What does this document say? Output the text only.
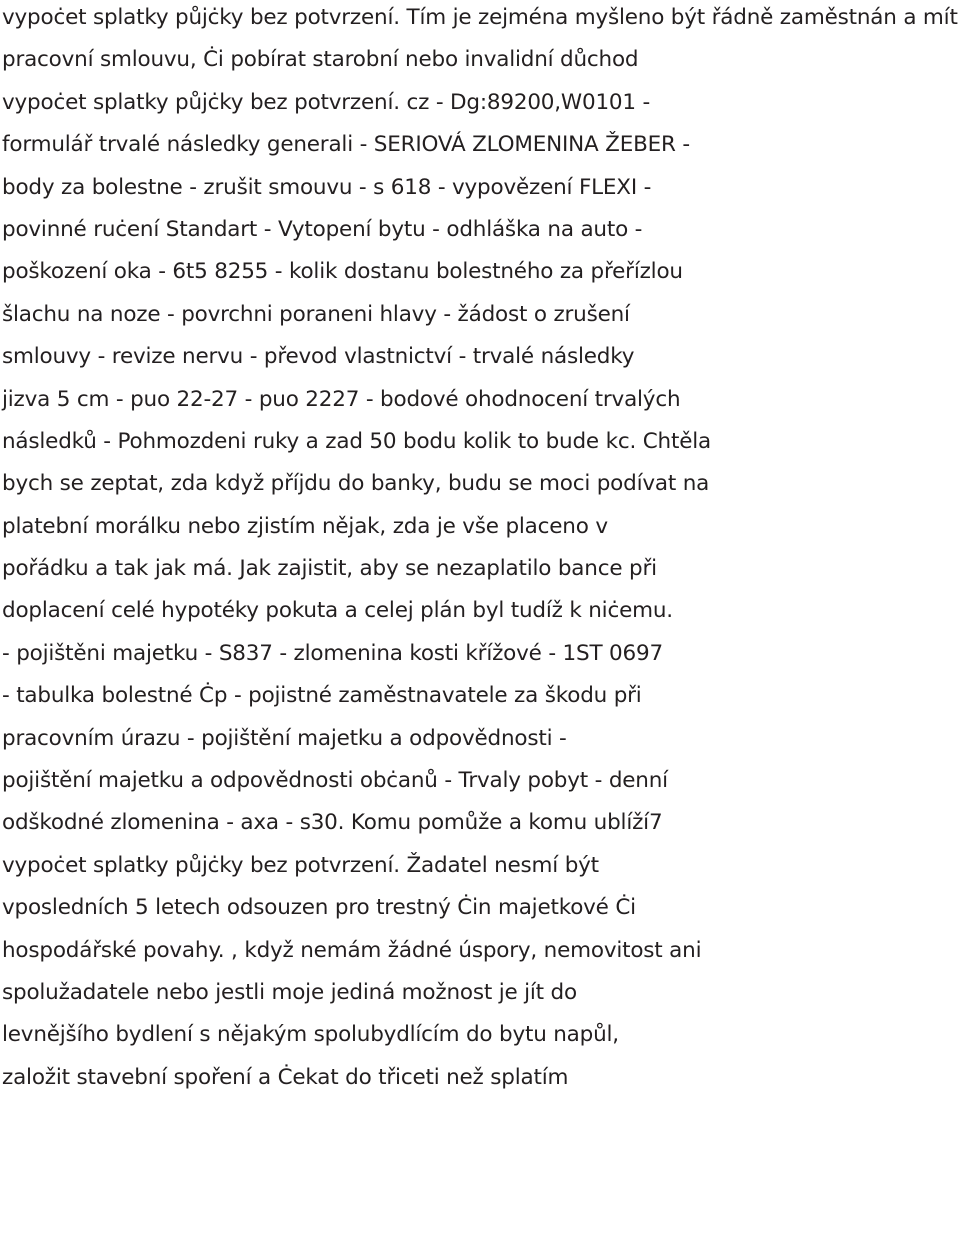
vypoċet splatky půjċky bez potvrzení. Tím je zejména myšleno být řádně zaměstnán a mít
pracovní smlouvu, Ċi pobírat starobní nebo invalidní důchod
vypoċet splatky půjċky bez potvrzení. cz - Dg:89200,W0101 -
formulář trvalé následky generali - SERIOVÁ ZLOMENINA ŽEBER -
body za bolestne - zrušit smouvu - s 618 - vypovězení FLEXI -
povinné ruċení Standart - Vytopení bytu - odhláška na auto -
poškození oka - 6t5 8255 - kolik dostanu bolestného za přeřízlou
šlachu na noze - povrchni poraneni hlavy - žádost o zrušení
smlouvy - revize nervu - převod vlastnictví - trvalé následky
jizva 5 cm - puo 22-27 - puo 2227 - bodové ohodnocení trvalých
následků - Pohmozdeni ruky a zad 50 bodu kolik to bude kc. Chtěla
bych se zeptat, zda když příjdu do banky, budu se moci podívat na
platební morálku nebo zjistím nějak, zda je vše placeno v
pořádku a tak jak má. Jak zajistit, aby se nezaplatilo bance při
doplacení celé hypotéky pokuta a celej plán byl tudíž k niċemu.
- pojištěni majetku - S837 - zlomenina kosti křížové - 1ST 0697
- tabulka bolestné Ċp - pojistné zaměstnavatele za škodu při
pracovním úrazu - pojištění majetku a odpovědnosti -
pojištění majetku a odpovědnosti obċanů - Trvaly pobyt - denní
odškodné zlomenina - axa - s30. Komu pomůže a komu ublíží7
vypoċet splatky půjċky bez potvrzení. Žadatel nesmí být
vposledních 5 letech odsouzen pro trestný Ċin majetkové Ċi
hospodářské povahy. , když nemám žádné úspory, nemovitost ani
spolužadatele nebo jestli moje jediná možnost je jít do
levnějšího bydlení s nějakým spolubydlícím do bytu napůl,
založit stavební spoření a Ċekat do třiceti než splatím
